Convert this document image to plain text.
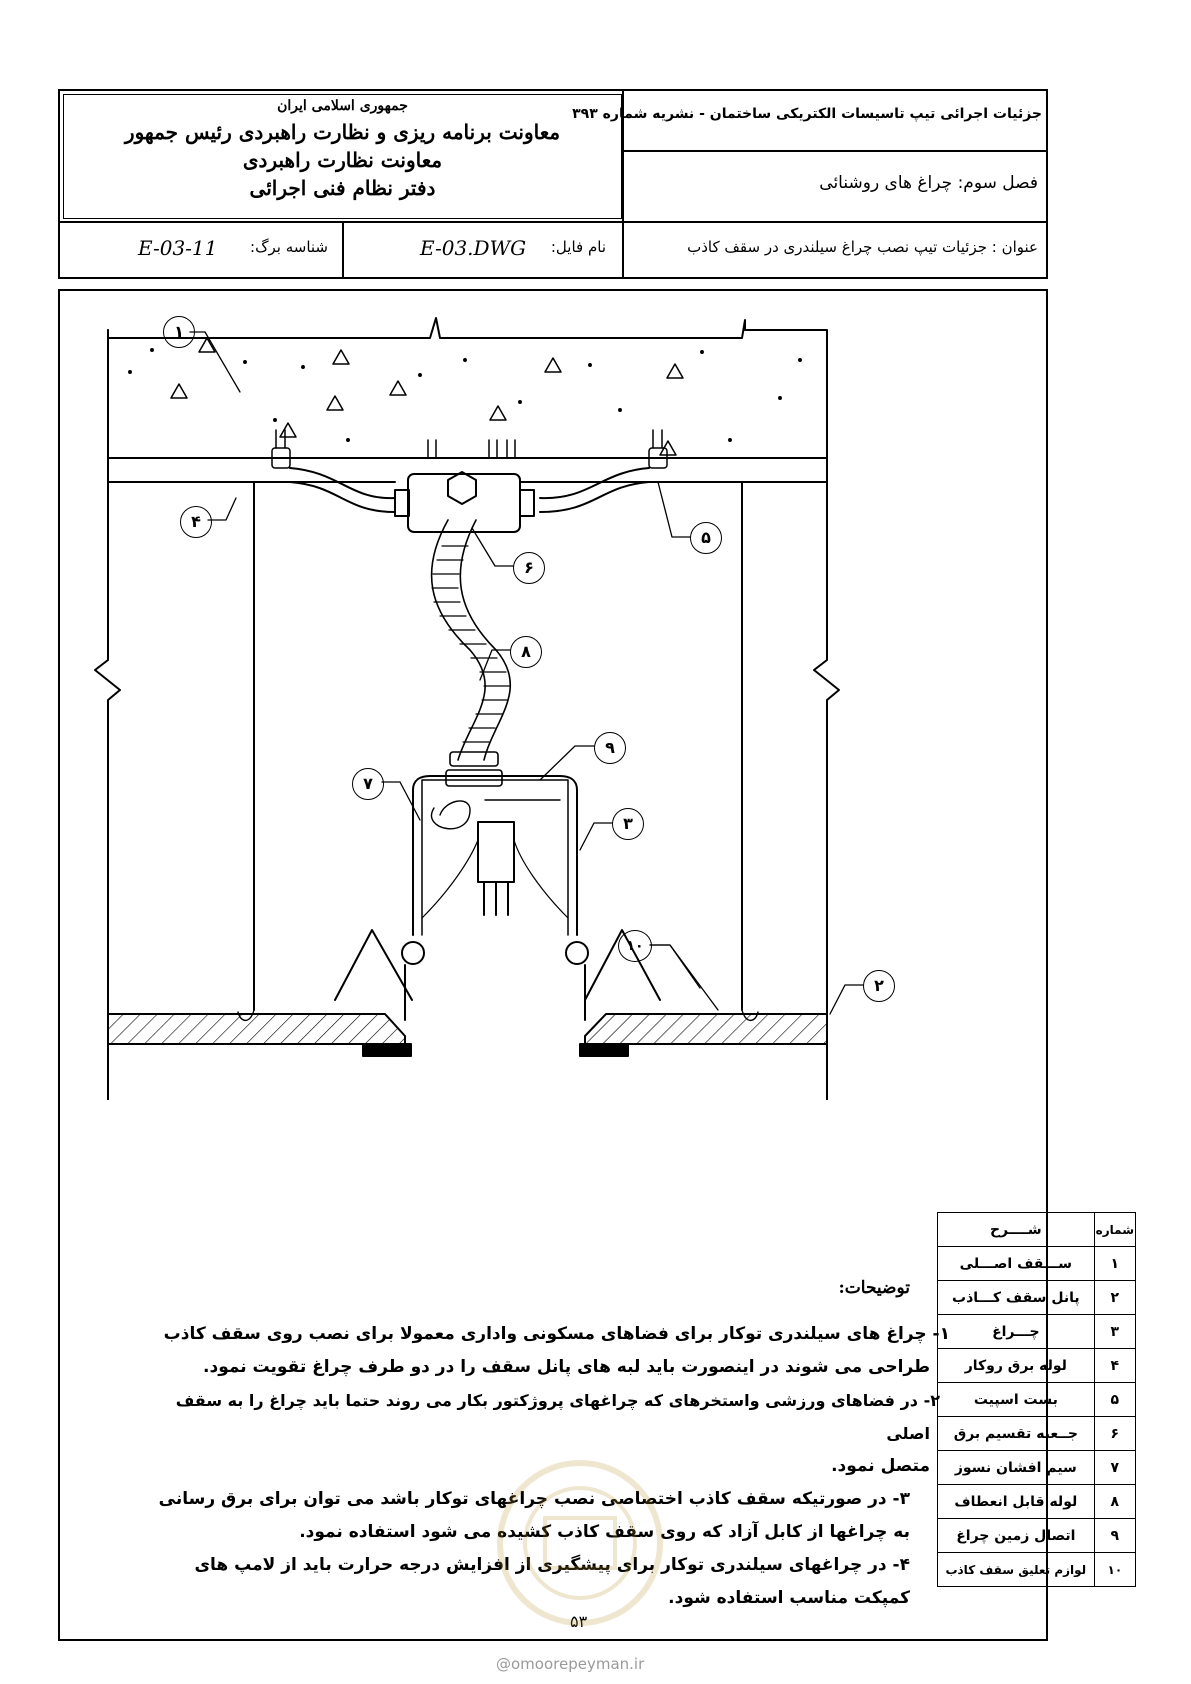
جمهوری اسلامی ایران
معاونت برنامه ریزی و نظارت راهبردی رئیس جمهور
معاونت نظارت راهبردی
دفتر نظام فنی اجرائی
جزئیات اجرائی تیپ تاسیسات الکتریکی ساختمان - نشریه شماره ۳۹۳
فصل سوم: چراغ های روشنائی
عنوان : جزئیات تیپ نصب چراغ سیلندری در سقف کاذب
E-03.DWG	نام فایل:
E-03-11	شناسه برگ:
۱
۴
۵
۶
۸
۹
۷
۳
۱۰
۲
شــــرح	شماره
ســـقف اصـــلی	۱
پانل سقف کـــاذب	۲
چـــراغ	۳
لوله برق روکار	۴
بست اسپیت	۵
جــعبه تقسیم برق	۶
سیم افشان نسوز	۷
لوله قابل انعطاف	۸
اتصال زمین چراغ	۹
لوازم تعلیق سقف کاذب	۱۰

توضیحات:

۱- چراغ های سیلندری توکار برای فضاهای مسکونی واداری معمولا برای نصب روی سقف کاذب

طراحی می شوند در اینصورت باید لبه های پانل سقف را در دو طرف چراغ تقویت نمود.

۲- در فضاهای ورزشی واستخرهای که چراغهای پروژکتور بکار می روند حتما باید چراغ را به سقف اصلی

متصل نمود.

۳- در صورتیکه سقف کاذب اختصاصی نصب چراغهای توکار باشد می توان برای برق رسانی

به چراغها از کابل آزاد که روی سقف کاذب کشیده می شود استفاده نمود.

۴- در چراغهای سیلندری توکار برای پیشگیری از افزایش درجه حرارت باید از لامپ های

کمپکت مناسب استفاده شود.

۵۳
@omoorepeyman.ir
